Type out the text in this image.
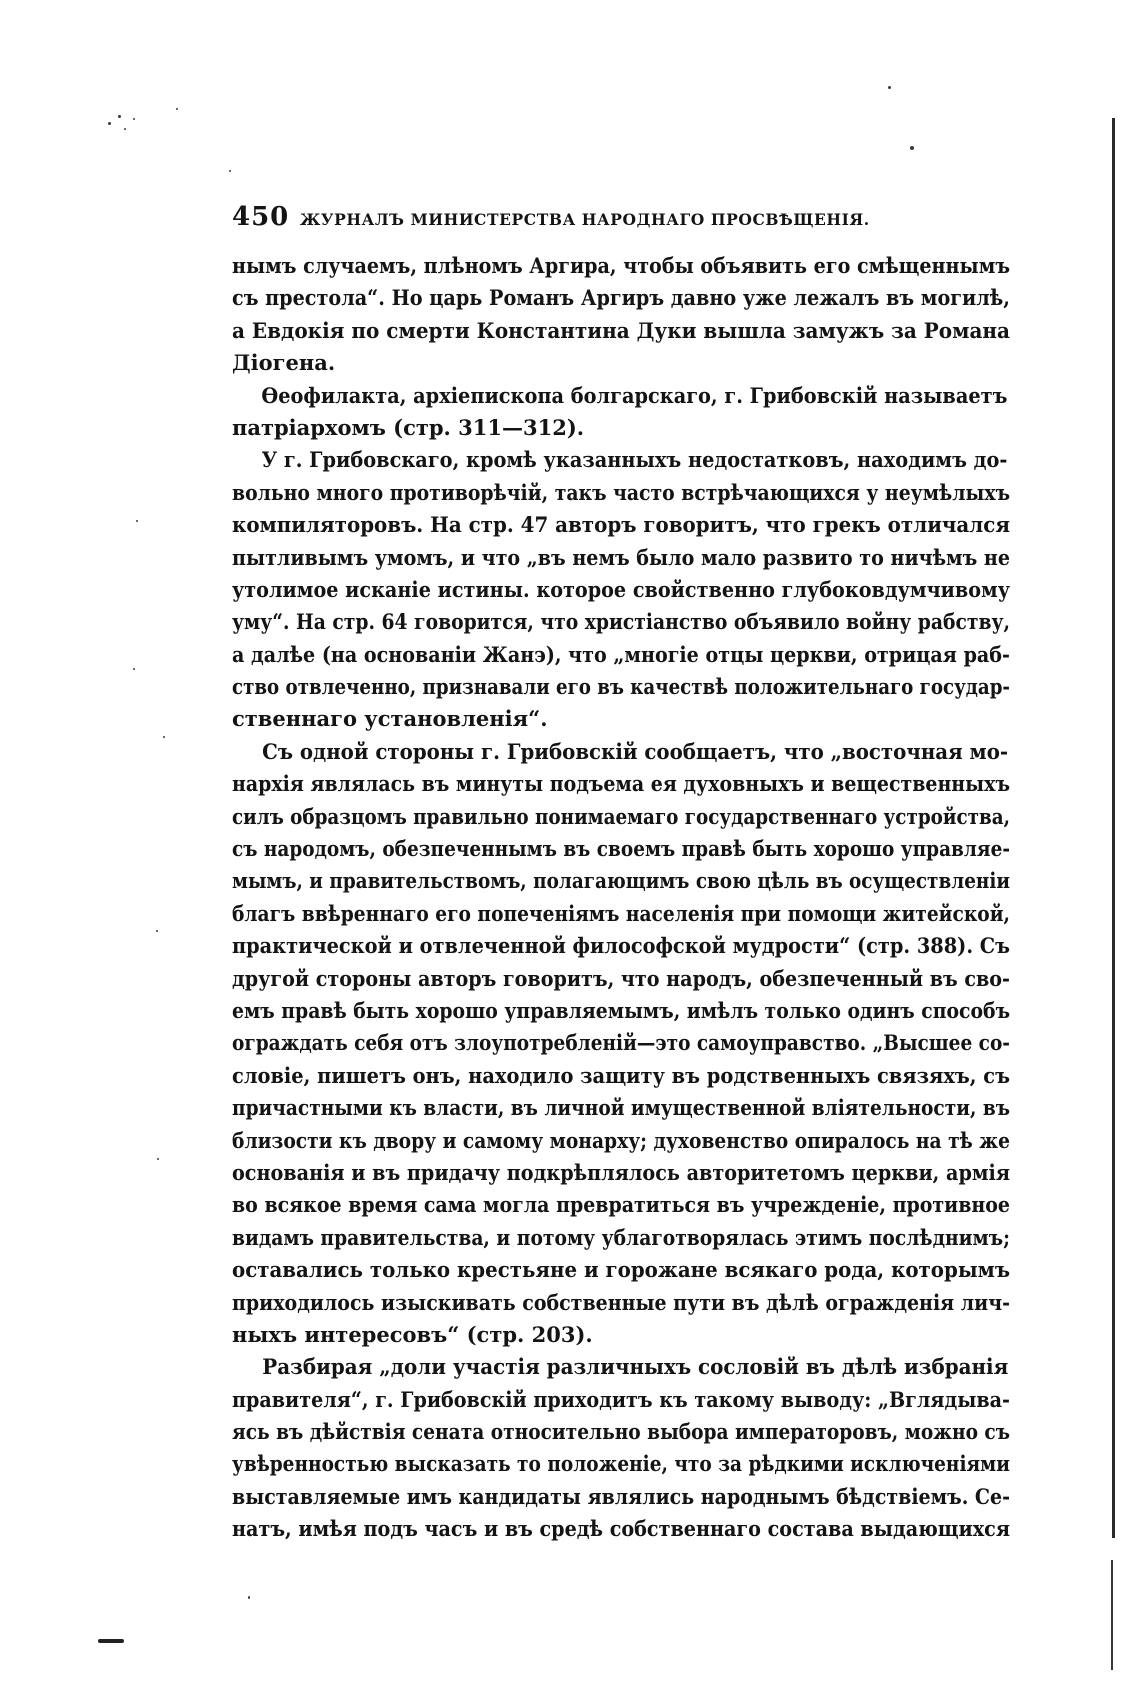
450 ЖУРНАЛЪ МИНИСТЕРСТВА НАРОДНАГО ПРОСВѢЩЕНІЯ.
нымъ случаемъ, плѣномъ Аргира, чтобы объявить его смѣщеннымъ
съ престола“. Но царь Романъ Аргиръ давно уже лежалъ въ могилѣ,
а Евдокія по смерти Константина Дуки вышла замужъ за Романа
Діогена.
Ѳеофилакта, архіепископа болгарскаго, г. Грибовскій называетъ
патріархомъ (стр. 311—312).
У г. Грибовскаго, кромѣ указанныхъ недостатковъ, находимъ до-
вольно много противорѣчій, такъ часто встрѣчающихся у неумѣлыхъ
компиляторовъ. На стр. 47 авторъ говоритъ, что грекъ отличался
пытливымъ умомъ, и что „въ немъ было мало развито то ничѣмъ не
утолимое исканіе истины. которое свойственно глубоковдумчивому
уму“. На стр. 64 говорится, что христіанство объявило войну рабству,
а далѣе (на основаніи Жанэ), что „многіе отцы церкви, отрицая раб-
ство отвлеченно, признавали его въ качествѣ положительнаго государ-
ственнаго установленія“.
Съ одной стороны г. Грибовскій сообщаетъ, что „восточная мо-
нархія являлась въ минуты подъема ея духовныхъ и вещественныхъ
силъ образцомъ правильно понимаемаго государственнаго устройства,
съ народомъ, обезпеченнымъ въ своемъ правѣ быть хорошо управляе-
мымъ, и правительствомъ, полагающимъ свою цѣль въ осуществленіи
благъ ввѣреннаго его попеченіямъ населенія при помощи житейской,
практической и отвлеченной философской мудрости“ (стр. 388). Съ
другой стороны авторъ говоритъ, что народъ, обезпеченный въ сво-
емъ правѣ быть хорошо управляемымъ, имѣлъ только одинъ способъ
ограждать себя отъ злоупотребленій—это самоуправство. „Высшее со-
словіе, пишетъ онъ, находило защиту въ родственныхъ связяхъ, съ
причастными къ власти, въ личной имущественной вліятельности, въ
близости къ двору и самому монарху; духовенство опиралось на тѣ же
основанія и въ придачу подкрѣплялось авторитетомъ церкви, армія
во всякое время сама могла превратиться въ учрежденіе, противное
видамъ правительства, и потому ублаготворялась этимъ послѣднимъ;
оставались только крестьяне и горожане всякаго рода, которымъ
приходилось изыскивать собственные пути въ дѣлѣ огражденія лич-
ныхъ интересовъ“ (стр. 203).
Разбирая „доли участія различныхъ сословій въ дѣлѣ избранія
правителя“, г. Грибовскій приходитъ къ такому выводу: „Вглядыва-
ясь въ дѣйствія сената относительно выбора императоровъ, можно съ
увѣренностью высказать то положеніе, что за рѣдкими исключеніями
выставляемые имъ кандидаты являлись народнымъ бѣдствіемъ. Се-
натъ, имѣя подъ часъ и въ средѣ собственнаго состава выдающихся
